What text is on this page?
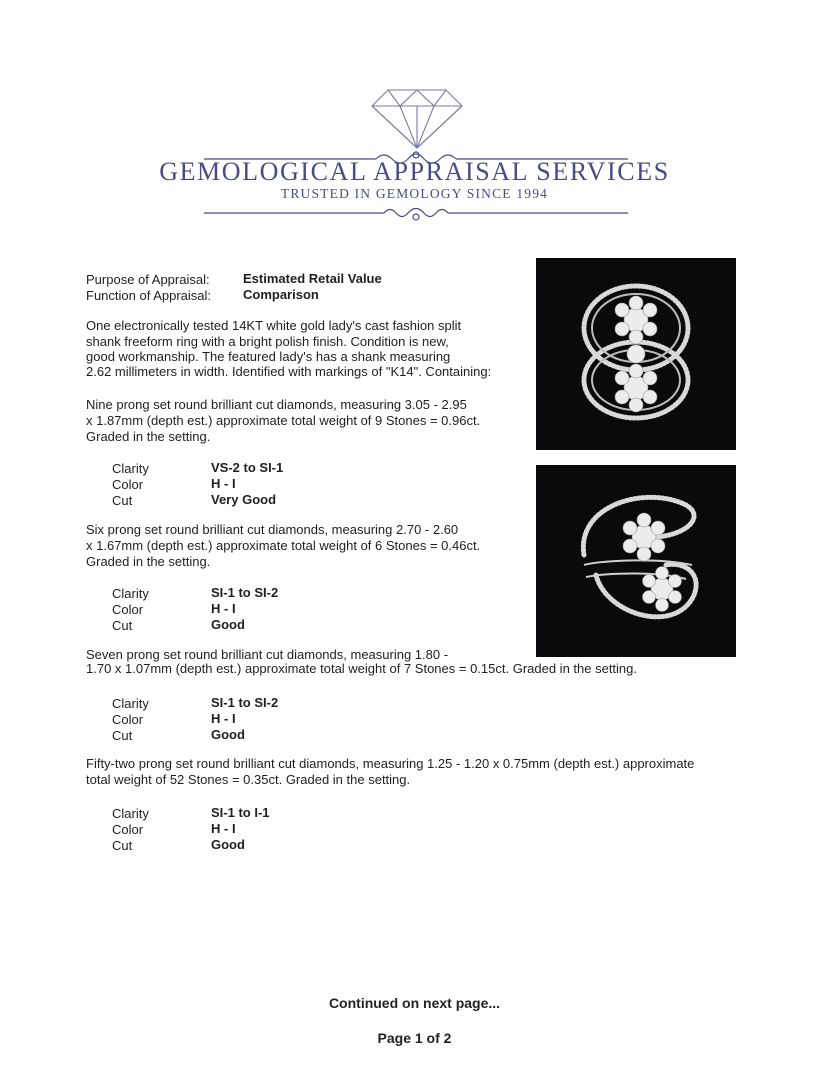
GEMOLOGICAL APPRAISAL SERVICES
TRUSTED IN GEMOLOGY SINCE 1994
Purpose of Appraisal:	Estimated Retail Value
Function of Appraisal: Comparison
One electronically tested 14KT white gold lady's cast fashion split
shank freeform ring with a bright polish finish. Condition is new,
good workmanship. The featured lady's has a shank measuring
2.62 millimeters in width. Identified with markings of "K14". Containing:
Nine prong set round brilliant cut diamonds, measuring 3.05 - 2.95
x 1.87mm (depth est.) approximate total weight of 9 Stones = 0.96ct.
Graded in the setting.
Clarity	VS-2 to SI-1
Color	H - I
Cut	Very Good
Six prong set round brilliant cut diamonds, measuring 2.70 - 2.60
x 1.67mm (depth est.) approximate total weight of 6 Stones = 0.46ct.
Graded in the setting.
Clarity	SI-1 to SI-2
Color	H - I
Cut	Good
Seven prong set round brilliant cut diamonds, measuring 1.80 -
1.70 x 1.07mm (depth est.) approximate total weight of 7 Stones = 0.15ct. Graded in the setting.
Clarity	SI-1 to SI-2
Color	H - I
Cut	Good
Fifty-two prong set round brilliant cut diamonds, measuring 1.25 - 1.20 x 0.75mm (depth est.) approximate
total weight of 52 Stones = 0.35ct. Graded in the setting.
Clarity	SI-1 to I-1
Color	H - I
Cut	Good
Continued on next page...
Page 1 of 2
